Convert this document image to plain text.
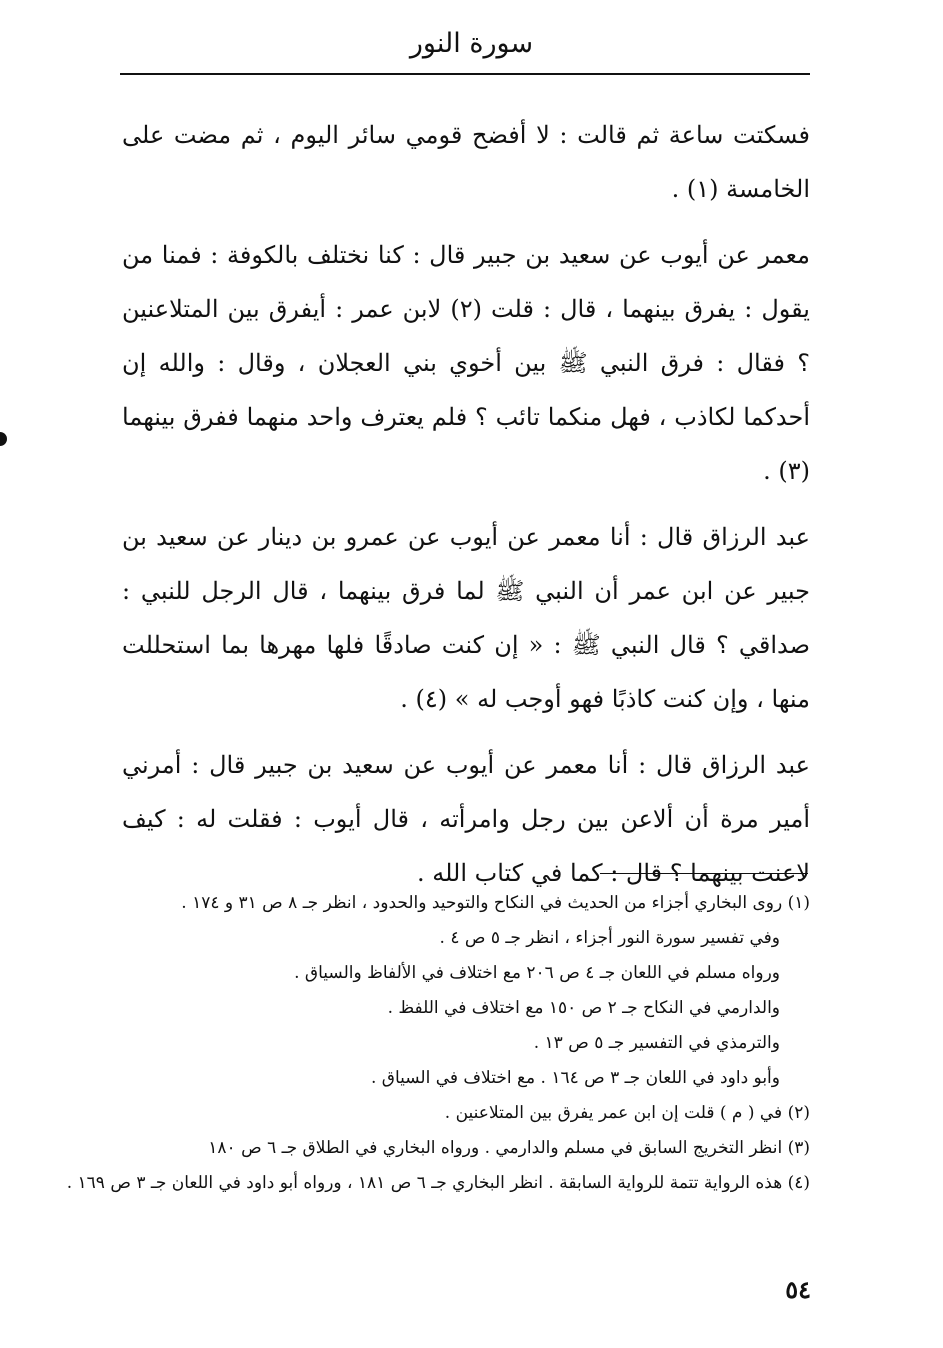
سورة النور

فسكتت ساعة ثم قالت : لا أفضح قومي سائر اليوم ، ثم مضت على الخامسة (١) .

معمر عن أيوب عن سعيد بن جبير قال : كنا نختلف بالكوفة : فمنا من يقول : يفرق بينهما ، قال : قلت (٢) لابن عمر : أيفرق بين المتلاعنين ؟ فقال : فرق النبي ﷺ بين أخوي بني العجلان ، وقال : والله إن أحدكما لكاذب ، فهل منكما تائب ؟ فلم يعترف واحد منهما ففرق بينهما (٣) .

عبد الرزاق قال : أنا معمر عن أيوب عن عمرو بن دينار عن سعيد بن جبير عن ابن عمر أن النبي ﷺ لما فرق بينهما ، قال الرجل للنبي : صداقي ؟ قال النبي ﷺ : « إن كنت صادقًا فلها مهرها بما استحللت منها ، وإن كنت كاذبًا فهو أوجب له » (٤) .

عبد الرزاق قال : أنا معمر عن أيوب عن سعيد بن جبير قال : أمرني أمير مرة أن ألاعن بين رجل وامرأته ، قال أيوب : فقلت له : كيف لاعنت بينهما ؟ قال : كما في كتاب الله .

(١) روى البخاري أجزاء من الحديث في النكاح والتوحيد والحدود ، انظر جـ ٨ ص ٣١ و ١٧٤ .

وفي تفسير سورة النور أجزاء ، انظر جـ ٥ ص ٤ .

ورواه مسلم في اللعان جـ ٤ ص ٢٠٦ مع اختلاف في الألفاظ والسياق .

والدارمي في النكاح جـ ٢ ص ١٥٠ مع اختلاف في اللفظ .

والترمذي في التفسير جـ ٥ ص ١٣ .

وأبو داود في اللعان جـ ٣ ص ١٦٤ . مع اختلاف في السياق .

(٢) في ( م ) قلت إن ابن عمر يفرق بين المتلاعنين .

(٣) انظر التخريج السابق في مسلم والدارمي . ورواه البخاري في الطلاق جـ ٦ ص ١٨٠

(٤) هذه الرواية تتمة للرواية السابقة . انظر البخاري جـ ٦ ص ١٨١ ، ورواه أبو داود في اللعان جـ ٣ ص ١٦٩ .

٥٤
